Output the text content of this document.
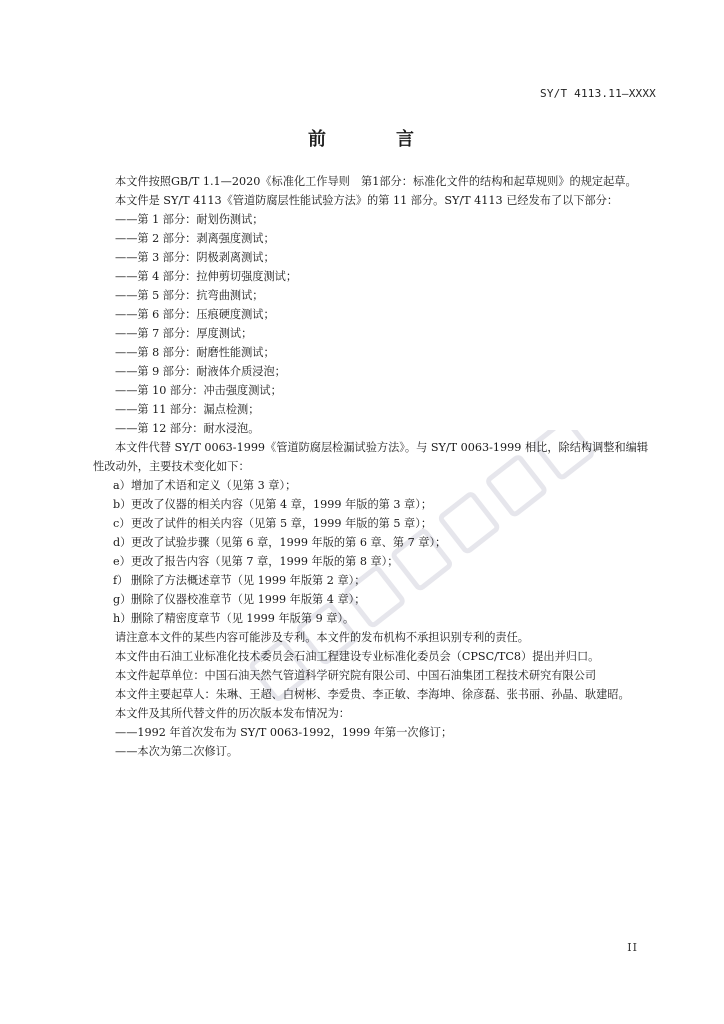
SY/T 4113.11—XXXX
前　言

本文件按照GB/T 1.1—2020《标准化工作导则　第1部分：标准化文件的结构和起草规则》的规定起草。

本文件是 SY/T 4113《管道防腐层性能试验方法》的第 11 部分。SY/T 4113 已经发布了以下部分：

——第 1 部分：耐划伤测试；

——第 2 部分：剥离强度测试；

——第 3 部分：阴极剥离测试；

——第 4 部分：拉伸剪切强度测试；

——第 5 部分：抗弯曲测试；

——第 6 部分：压痕硬度测试；

——第 7 部分：厚度测试；

——第 8 部分：耐磨性能测试；

——第 9 部分：耐液体介质浸泡；

——第 10 部分：冲击强度测试；

——第 11 部分：漏点检测；

——第 12 部分：耐水浸泡。

本文件代替 SY/T 0063-1999《管道防腐层检漏试验方法》。与 SY/T 0063-1999 相比，除结构调整和编辑性改动外，主要技术变化如下：

a）增加了术语和定义（见第 3 章）；

b）更改了仪器的相关内容（见第 4 章，1999 年版的第 3 章）；

c）更改了试件的相关内容（见第 5 章，1999 年版的第 5 章）；

d）更改了试验步骤（见第 6 章，1999 年版的第 6 章、第 7 章）；

e）更改了报告内容（见第 7 章，1999 年版的第 8 章）；

f） 删除了方法概述章节（见 1999 年版第 2 章）；

g）删除了仪器校准章节（见 1999 年版第 4 章）；

h）删除了精密度章节（见 1999 年版第 9 章）。

请注意本文件的某些内容可能涉及专利。本文件的发布机构不承担识别专利的责任。

本文件由石油工业标准化技术委员会石油工程建设专业标准化委员会（CPSC/TC8）提出并归口。

本文件起草单位：中国石油天然气管道科学研究院有限公司、中国石油集团工程技术研究有限公司

本文件主要起草人：朱琳、王超、白树彬、李爱贵、李正敏、李海坤、徐彦磊、张书丽、孙晶、耿建昭。

本文件及其所代替文件的历次版本发布情况为：

——1992 年首次发布为 SY/T 0063-1992，1999 年第一次修订；

——本次为第二次修订。

II
